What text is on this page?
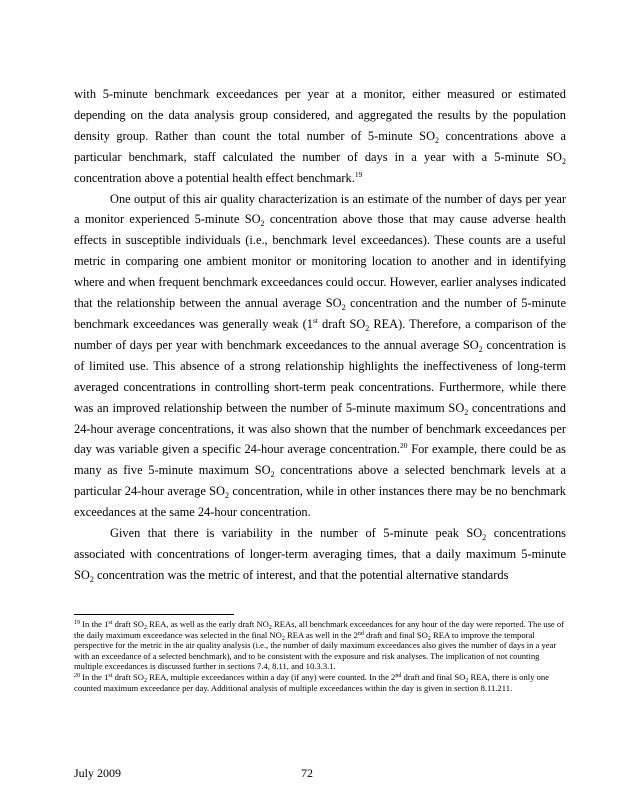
with 5-minute benchmark exceedances per year at a monitor, either measured or estimated depending on the data analysis group considered, and aggregated the results by the population density group. Rather than count the total number of 5-minute $SO_2$ concentrations above a particular benchmark, staff calculated the number of days in a year with a 5-minute $SO_2$ concentration above a potential health effect benchmark.$^{19}$

One output of this air quality characterization is an estimate of the number of days per year a monitor experienced 5-minute $SO_2$ concentration above those that may cause adverse health effects in susceptible individuals (i.e., benchmark level exceedances). These counts are a useful metric in comparing one ambient monitor or monitoring location to another and in identifying where and when frequent benchmark exceedances could occur. However, earlier analyses indicated that the relationship between the annual average $SO_2$ concentration and the number of 5-minute benchmark exceedances was generally weak (1st draft $SO_2$ REA). Therefore, a comparison of the number of days per year with benchmark exceedances to the annual average $SO_2$ concentration is of limited use. This absence of a strong relationship highlights the ineffectiveness of long-term averaged concentrations in controlling short-term peak concentrations. Furthermore, while there was an improved relationship between the number of 5-minute maximum $SO_2$ concentrations and 24-hour average concentrations, it was also shown that the number of benchmark exceedances per day was variable given a specific 24-hour average concentration.$^{20}$ For example, there could be as many as five 5-minute maximum $SO_2$ concentrations above a selected benchmark levels at a particular 24-hour average $SO_2$ concentration, while in other instances there may be no benchmark exceedances at the same 24-hour concentration.

Given that there is variability in the number of 5-minute peak $SO_2$ concentrations associated with concentrations of longer-term averaging times, that a daily maximum 5-minute $SO_2$ concentration was the metric of interest, and that the potential alternative standards

$^{19}$ In the 1st draft $SO_2$ REA, as well as the early draft $NO_2$ REAs, all benchmark exceedances for any hour of the day were reported. The use of the daily maximum exceedance was selected in the final $NO_2$ REA as well in the 2nd draft and final $SO_2$ REA to improve the temporal perspective for the metric in the air quality analysis (i.e., the number of daily maximum exceedances also gives the number of days in a year with an exceedance of a selected benchmark), and to be consistent with the exposure and risk analyses. The implication of not counting multiple exceedances is discussed further in sections 7.4, 8.11, and 10.3.3.1.

$^{20}$ In the 1st draft $SO_2$ REA, multiple exceedances within a day (if any) were counted. In the 2nd draft and final $SO_2$ REA, there is only one counted maximum exceedance per day. Additional analysis of multiple exceedances within the day is given in section 8.11.211.

July 2009	72
